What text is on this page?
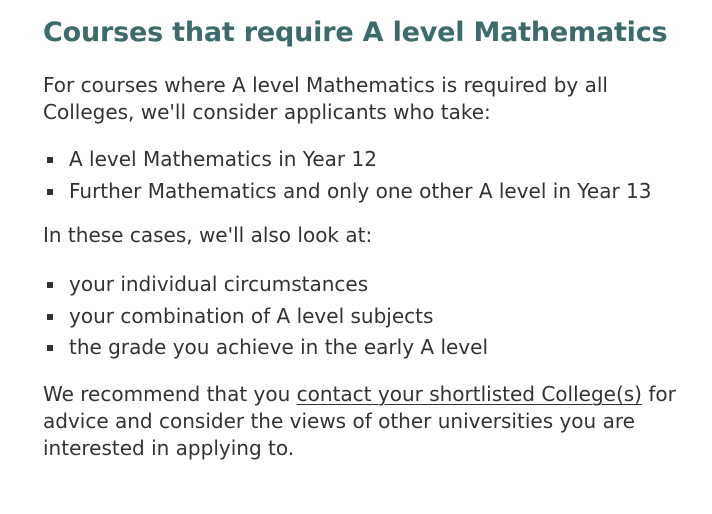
Courses that require A level Mathematics

For courses where A level Mathematics is required by all Colleges, we'll consider applicants who take:

A level Mathematics in Year 12
Further Mathematics and only one other A level in Year 13

In these cases, we'll also look at:

your individual circumstances
your combination of A level subjects
the grade you achieve in the early A level

We recommend that you contact your shortlisted College(s) for advice and consider the views of other universities you are interested in applying to.
